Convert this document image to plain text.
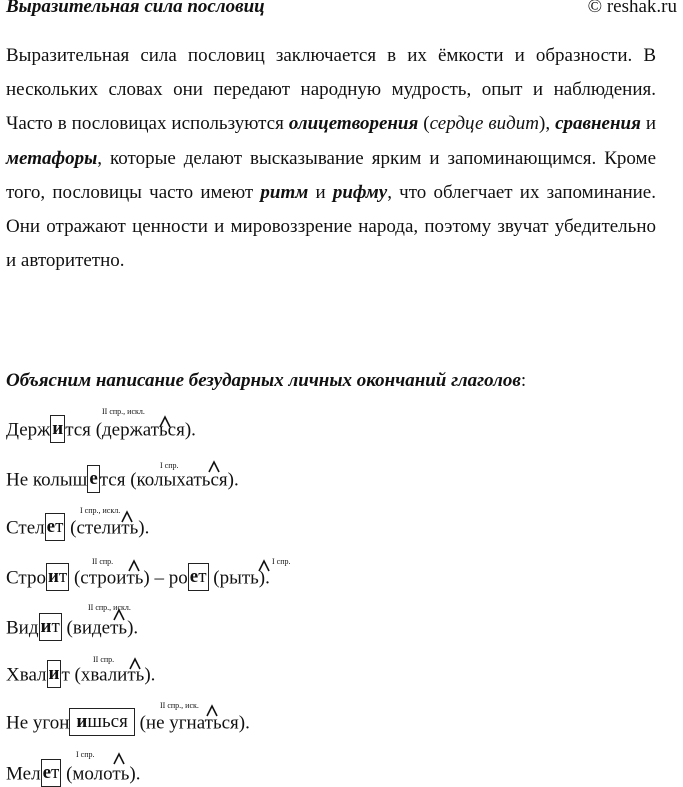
Выразительная сила пословиц	© reshak.ru
Выразительная сила пословиц заключается в их ёмкости и образности. В нескольких словах они передают народную мудрость, опыт и наблюдения. Часто в пословицах используются олицетворения (сердце видит), сравнения и метафоры, которые делают высказывание ярким и запоминающимся. Кроме того, пословицы часто имеют ритм и рифму, что облегчает их запоминание. Они отражают ценности и мировоззрение народа, поэтому звучат убедительно и авторитетно.
Объясним написание безударных личных окончаний глаголов:
Держ и тся (держаться).
II спр., искл.
Не колыш е тся (колыхаться).
I спр.
Стел ет (стелить).
I спр., искл.
Стро ит (строить) – ро ет (рыть).
II спр.	I спр.
Вид ит (видеть).
II спр., искл.
Хвал и т (хвалить).
II спр.
Не угон ишься (не угнаться).
II спр., иск.
Мел ет (молоть).
I спр.
